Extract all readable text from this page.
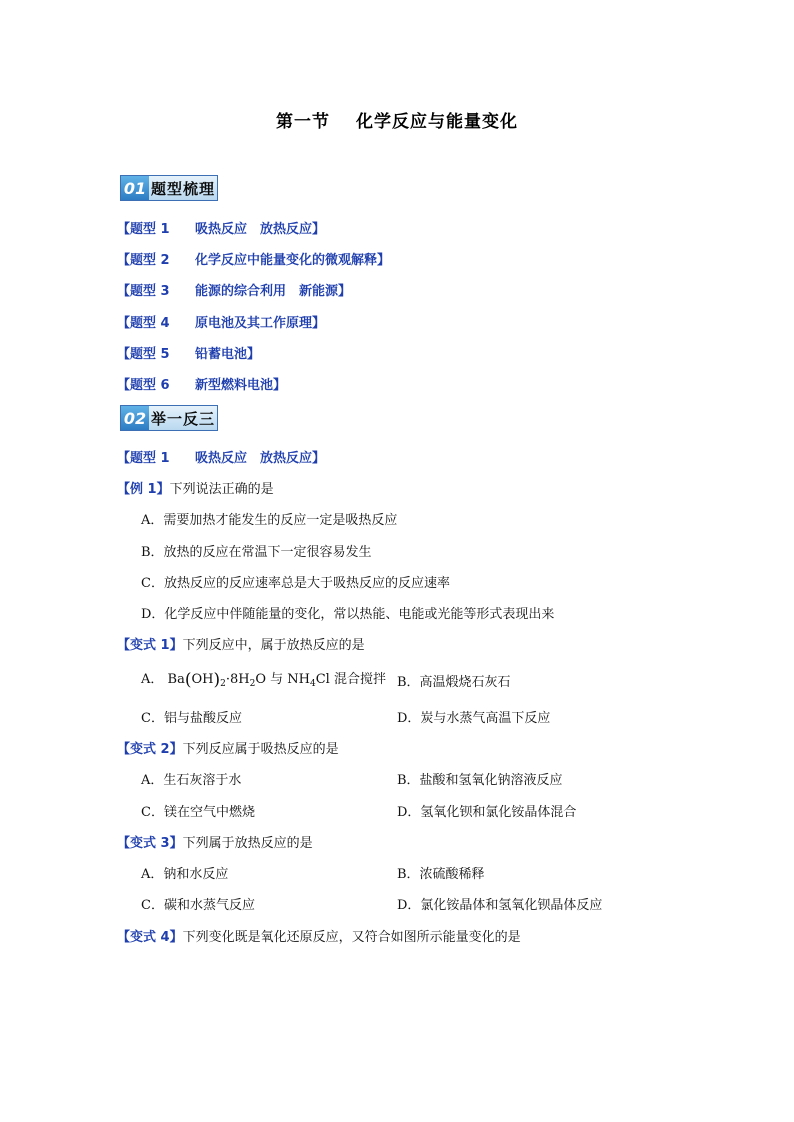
第一节 化学反应与能量变化
01 题型梳理
【题型 1 吸热反应　放热反应】
【题型 2 化学反应中能量变化的微观解释】
【题型 3 能源的综合利用　新能源】
【题型 4 原电池及其工作原理】
【题型 5 铅蓄电池】
【题型 6 新型燃料电池】
02 举一反三
【题型 1 吸热反应　放热反应】
【例 1】下列说法正确的是
A．需要加热才能发生的反应一定是吸热反应
B．放热的反应在常温下一定很容易发生
C．放热反应的反应速率总是大于吸热反应的反应速率
D．化学反应中伴随能量的变化，常以热能、电能或光能等形式表现出来
【变式 1】下列反应中，属于放热反应的是
A． $Ba(OH)_2\cdot 8H_2O$ 与 $NH_4Cl$ 混合搅拌 B．高温煅烧石灰石
C．铝与盐酸反应	D．炭与水蒸气高温下反应
【变式 2】下列反应属于吸热反应的是
A．生石灰溶于水	B．盐酸和氢氧化钠溶液反应
C．镁在空气中燃烧	D．氢氧化钡和氯化铵晶体混合
【变式 3】下列属于放热反应的是
A．钠和水反应	B．浓硫酸稀释
C．碳和水蒸气反应	D．氯化铵晶体和氢氧化钡晶体反应
【变式 4】下列变化既是氧化还原反应，又符合如图所示能量变化的是
